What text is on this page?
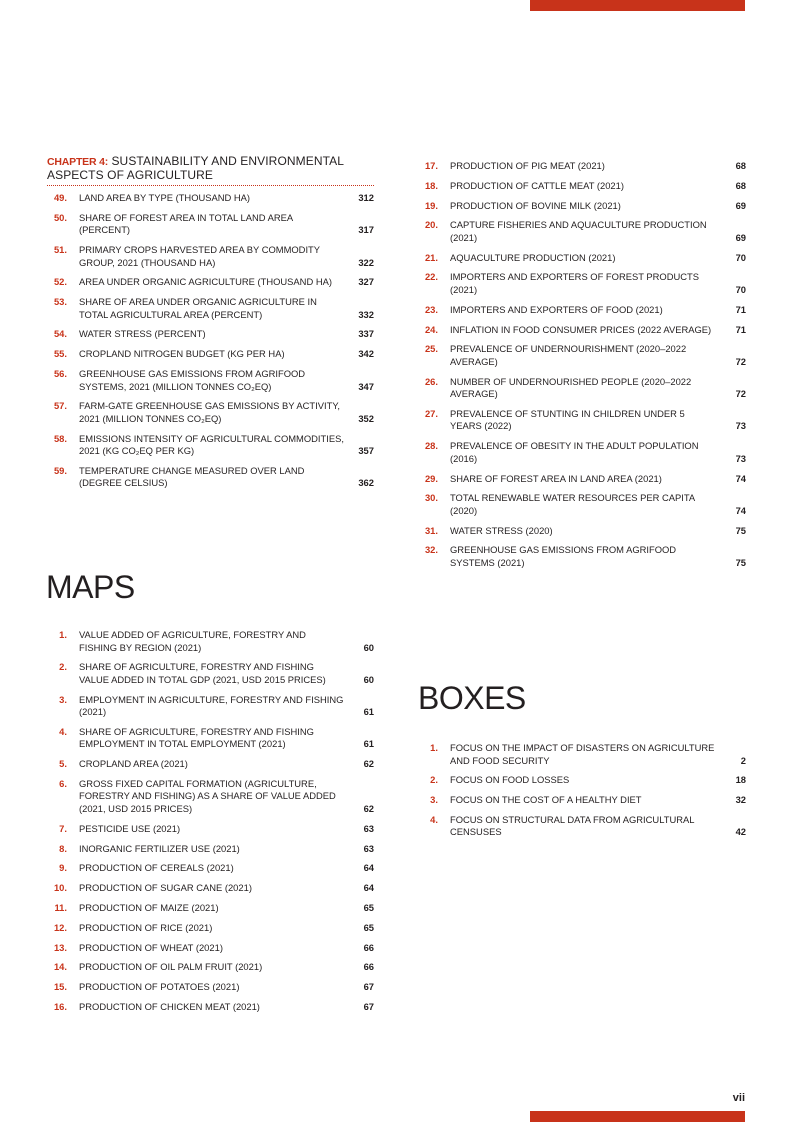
CHAPTER 4: SUSTAINABILITY AND ENVIRONMENTAL ASPECTS OF AGRICULTURE
49. LAND AREA BY TYPE (THOUSAND HA)	312
50. SHARE OF FOREST AREA IN TOTAL LAND AREA (PERCENT)	317
51. PRIMARY CROPS HARVESTED AREA BY COMMODITY GROUP, 2021 (THOUSAND HA)	322
52. AREA UNDER ORGANIC AGRICULTURE (THOUSAND HA)	327
53. SHARE OF AREA UNDER ORGANIC AGRICULTURE IN TOTAL AGRICULTURAL AREA (PERCENT)	332
54. WATER STRESS (PERCENT)	337
55. CROPLAND NITROGEN BUDGET (KG PER HA)	342
56. GREENHOUSE GAS EMISSIONS FROM AGRIFOOD SYSTEMS, 2021 (MILLION TONNES CO₂EQ)	347
57. FARM-GATE GREENHOUSE GAS EMISSIONS BY ACTIVITY, 2021 (MILLION TONNES CO₂EQ)	352
58. EMISSIONS INTENSITY OF AGRICULTURAL COMMODITIES, 2021 (KG CO₂EQ PER KG)	357
59. TEMPERATURE CHANGE MEASURED OVER LAND (DEGREE CELSIUS)	362
MAPS
1. VALUE ADDED OF AGRICULTURE, FORESTRY AND FISHING BY REGION (2021)	60
2. SHARE OF AGRICULTURE, FORESTRY AND FISHING VALUE ADDED IN TOTAL GDP (2021, USD 2015 PRICES)	60
3. EMPLOYMENT IN AGRICULTURE, FORESTRY AND FISHING (2021)	61
4. SHARE OF AGRICULTURE, FORESTRY AND FISHING EMPLOYMENT IN TOTAL EMPLOYMENT (2021)	61
5. CROPLAND AREA (2021)	62
6. GROSS FIXED CAPITAL FORMATION (AGRICULTURE, FORESTRY AND FISHING) AS A SHARE OF VALUE ADDED (2021, USD 2015 PRICES)	62
7. PESTICIDE USE (2021)	63
8. INORGANIC FERTILIZER USE (2021)	63
9. PRODUCTION OF CEREALS (2021)	64
10. PRODUCTION OF SUGAR CANE (2021)	64
11. PRODUCTION OF MAIZE (2021)	65
12. PRODUCTION OF RICE (2021)	65
13. PRODUCTION OF WHEAT (2021)	66
14. PRODUCTION OF OIL PALM FRUIT (2021)	66
15. PRODUCTION OF POTATOES (2021)	67
16. PRODUCTION OF CHICKEN MEAT (2021)	67
17. PRODUCTION OF PIG MEAT (2021)	68
18. PRODUCTION OF CATTLE MEAT (2021)	68
19. PRODUCTION OF BOVINE MILK (2021)	69
20. CAPTURE FISHERIES AND AQUACULTURE PRODUCTION (2021)	69
21. AQUACULTURE PRODUCTION (2021)	70
22. IMPORTERS AND EXPORTERS OF FOREST PRODUCTS (2021)	70
23. IMPORTERS AND EXPORTERS OF FOOD (2021)	71
24. INFLATION IN FOOD CONSUMER PRICES (2022 AVERAGE)	71
25. PREVALENCE OF UNDERNOURISHMENT (2020–2022 AVERAGE)	72
26. NUMBER OF UNDERNOURISHED PEOPLE (2020–2022 AVERAGE)	72
27. PREVALENCE OF STUNTING IN CHILDREN UNDER 5 YEARS (2022)	73
28. PREVALENCE OF OBESITY IN THE ADULT POPULATION (2016)	73
29. SHARE OF FOREST AREA IN LAND AREA (2021)	74
30. TOTAL RENEWABLE WATER RESOURCES PER CAPITA (2020)	74
31. WATER STRESS (2020)	75
32. GREENHOUSE GAS EMISSIONS FROM AGRIFOOD SYSTEMS (2021)	75
BOXES
1. FOCUS ON THE IMPACT OF DISASTERS ON AGRICULTURE AND FOOD SECURITY	2
2. FOCUS ON FOOD LOSSES	18
3. FOCUS ON THE COST OF A HEALTHY DIET	32
4. FOCUS ON STRUCTURAL DATA FROM AGRICULTURAL CENSUSES	42
vii
